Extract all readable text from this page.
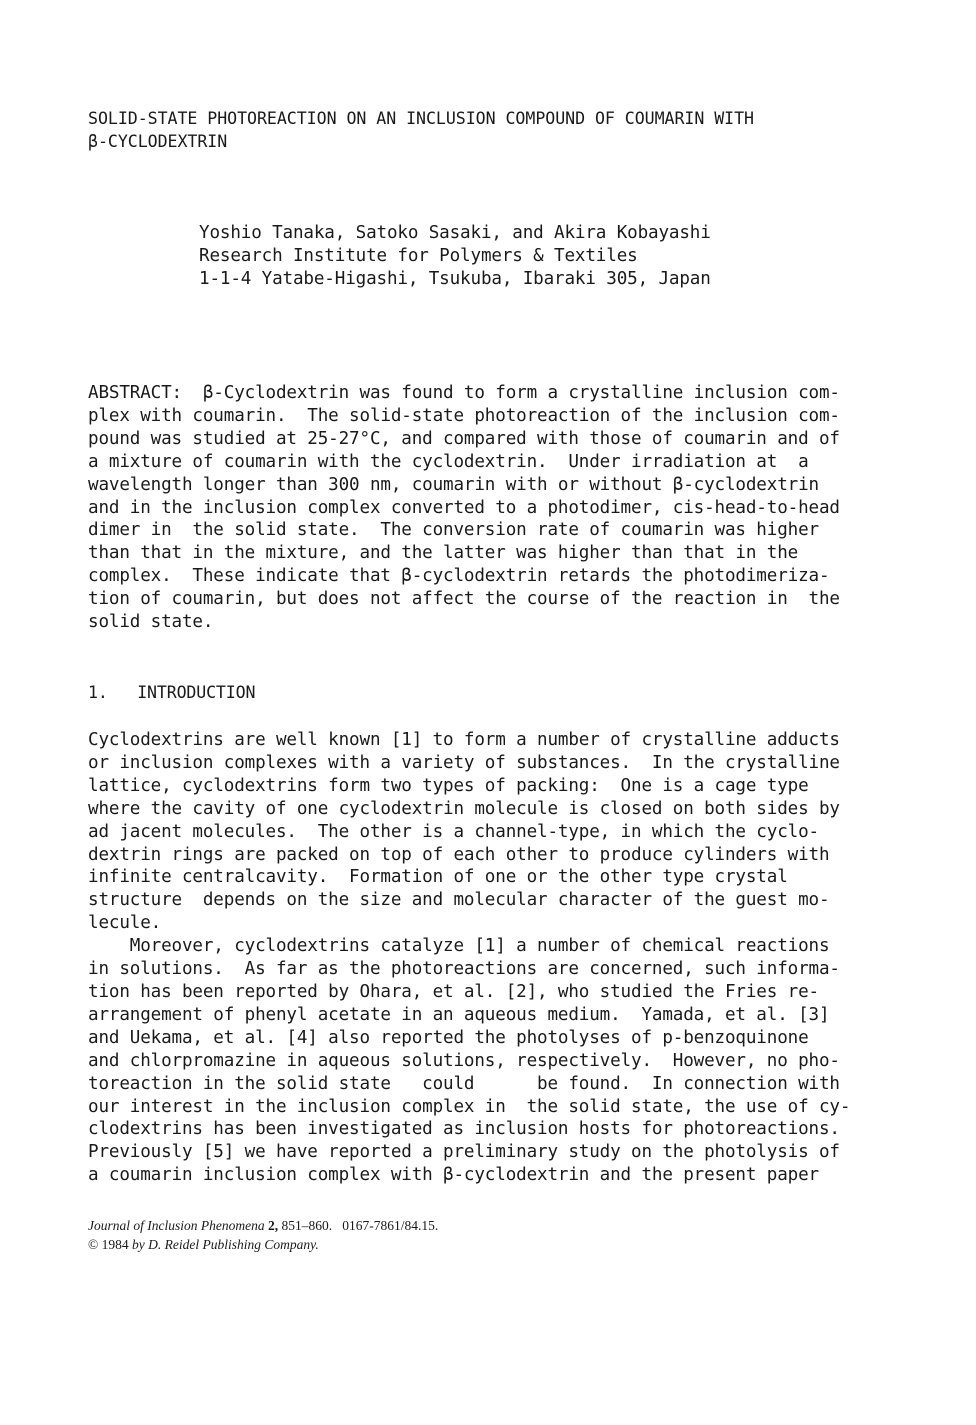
SOLID-STATE PHOTOREACTION ON AN INCLUSION COMPOUND OF COUMARIN WITH
β-CYCLODEXTRIN
Yoshio Tanaka, Satoko Sasaki, and Akira Kobayashi
Research Institute for Polymers & Textiles
1-1-4 Yatabe-Higashi, Tsukuba, Ibaraki 305, Japan
ABSTRACT:  β-Cyclodextrin was found to form a crystalline inclusion com-
plex with coumarin.  The solid-state photoreaction of the inclusion com-
pound was studied at 25-27°C, and compared with those of coumarin and of
a mixture of coumarin with the cyclodextrin.  Under irradiation at  a
wavelength longer than 300 nm, coumarin with or without β-cyclodextrin
and in the inclusion complex converted to a photodimer, cis-head-to-head
dimer in  the solid state.  The conversion rate of coumarin was higher
than that in the mixture, and the latter was higher than that in the
complex.  These indicate that β-cyclodextrin retards the photodimeriza-
tion of coumarin, but does not affect the course of the reaction in  the
solid state.
1.   INTRODUCTION
Cyclodextrins are well known [1] to form a number of crystalline adducts
or inclusion complexes with a variety of substances.  In the crystalline
lattice, cyclodextrins form two types of packing:  One is a cage type
where the cavity of one cyclodextrin molecule is closed on both sides by
ad jacent molecules.  The other is a channel-type, in which the cyclo-
dextrin rings are packed on top of each other to produce cylinders with
infinite centralcavity.  Formation of one or the other type crystal
structure  depends on the size and molecular character of the guest mo-
lecule.
Moreover, cyclodextrins catalyze [1] a number of chemical reactions
in solutions.  As far as the photoreactions are concerned, such informa-
tion has been reported by Ohara, et al. [2], who studied the Fries re-
arrangement of phenyl acetate in an aqueous medium.  Yamada, et al. [3]
and Uekama, et al. [4] also reported the photolyses of p-benzoquinone
and chlorpromazine in aqueous solutions, respectively.  However, no pho-
toreaction in the solid state   could      be found.  In connection with
our interest in the inclusion complex in  the solid state, the use of cy-
clodextrins has been investigated as inclusion hosts for photoreactions.
Previously [5] we have reported a preliminary study on the photolysis of
a coumarin inclusion complex with β-cyclodextrin and the present paper
Journal of Inclusion Phenomena 2, 851–860.   0167-7861/84.15.
© 1984 by D. Reidel Publishing Company.
